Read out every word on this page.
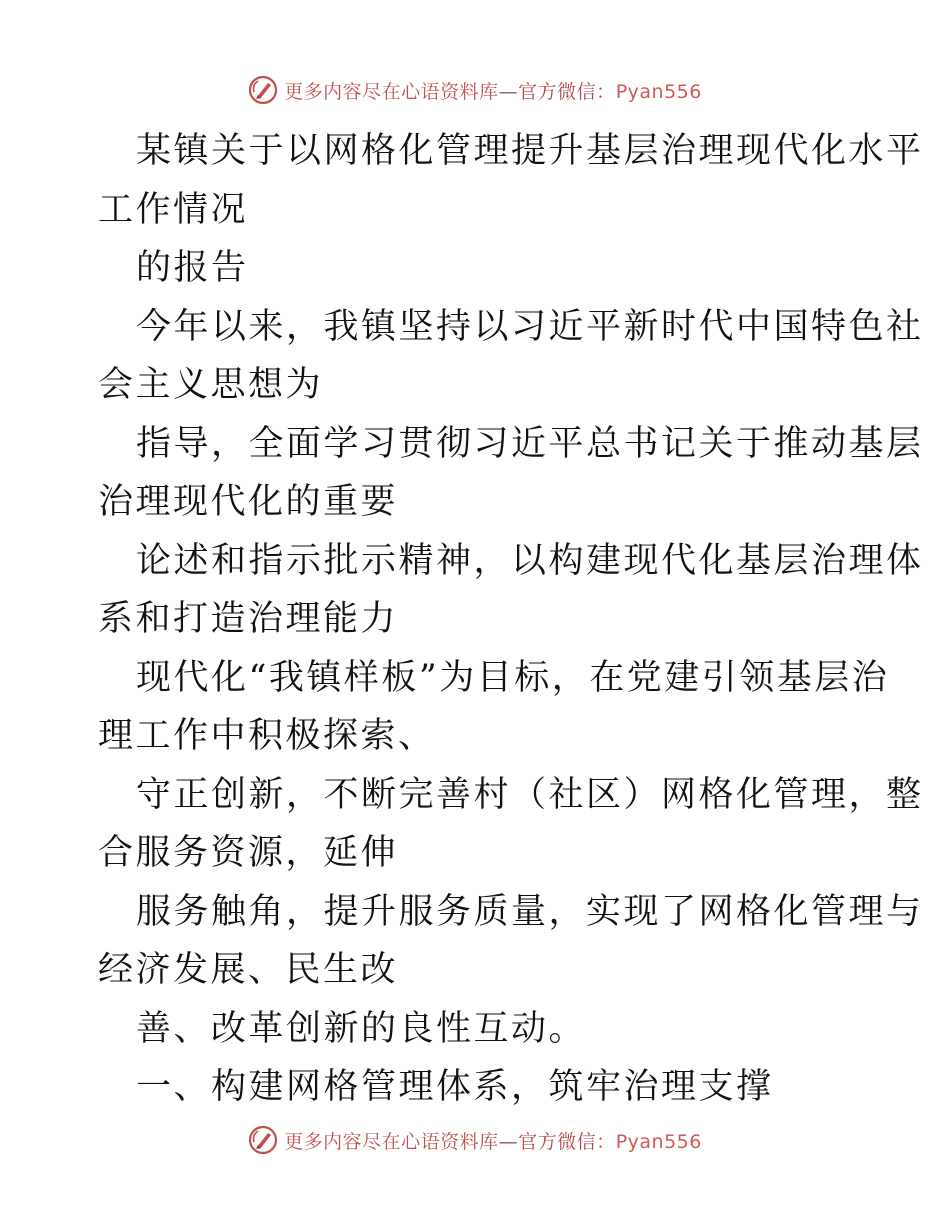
更多内容尽在心语资料库—官方微信：Pyan556
某镇关于以网格化管理提升基层治理现代化水平
工作情况
的报告
今年以来，我镇坚持以习近平新时代中国特色社
会主义思想为
指导，全面学习贯彻习近平总书记关于推动基层
治理现代化的重要
论述和指示批示精神，以构建现代化基层治理体
系和打造治理能力
现代化“我镇样板”为目标，在党建引领基层治
理工作中积极探索、
守正创新，不断完善村（社区）网格化管理，整
合服务资源，延伸
服务触角，提升服务质量，实现了网格化管理与
经济发展、民生改
善、改革创新的良性互动。
一、构建网格管理体系，筑牢治理支撑
更多内容尽在心语资料库—官方微信：Pyan556
